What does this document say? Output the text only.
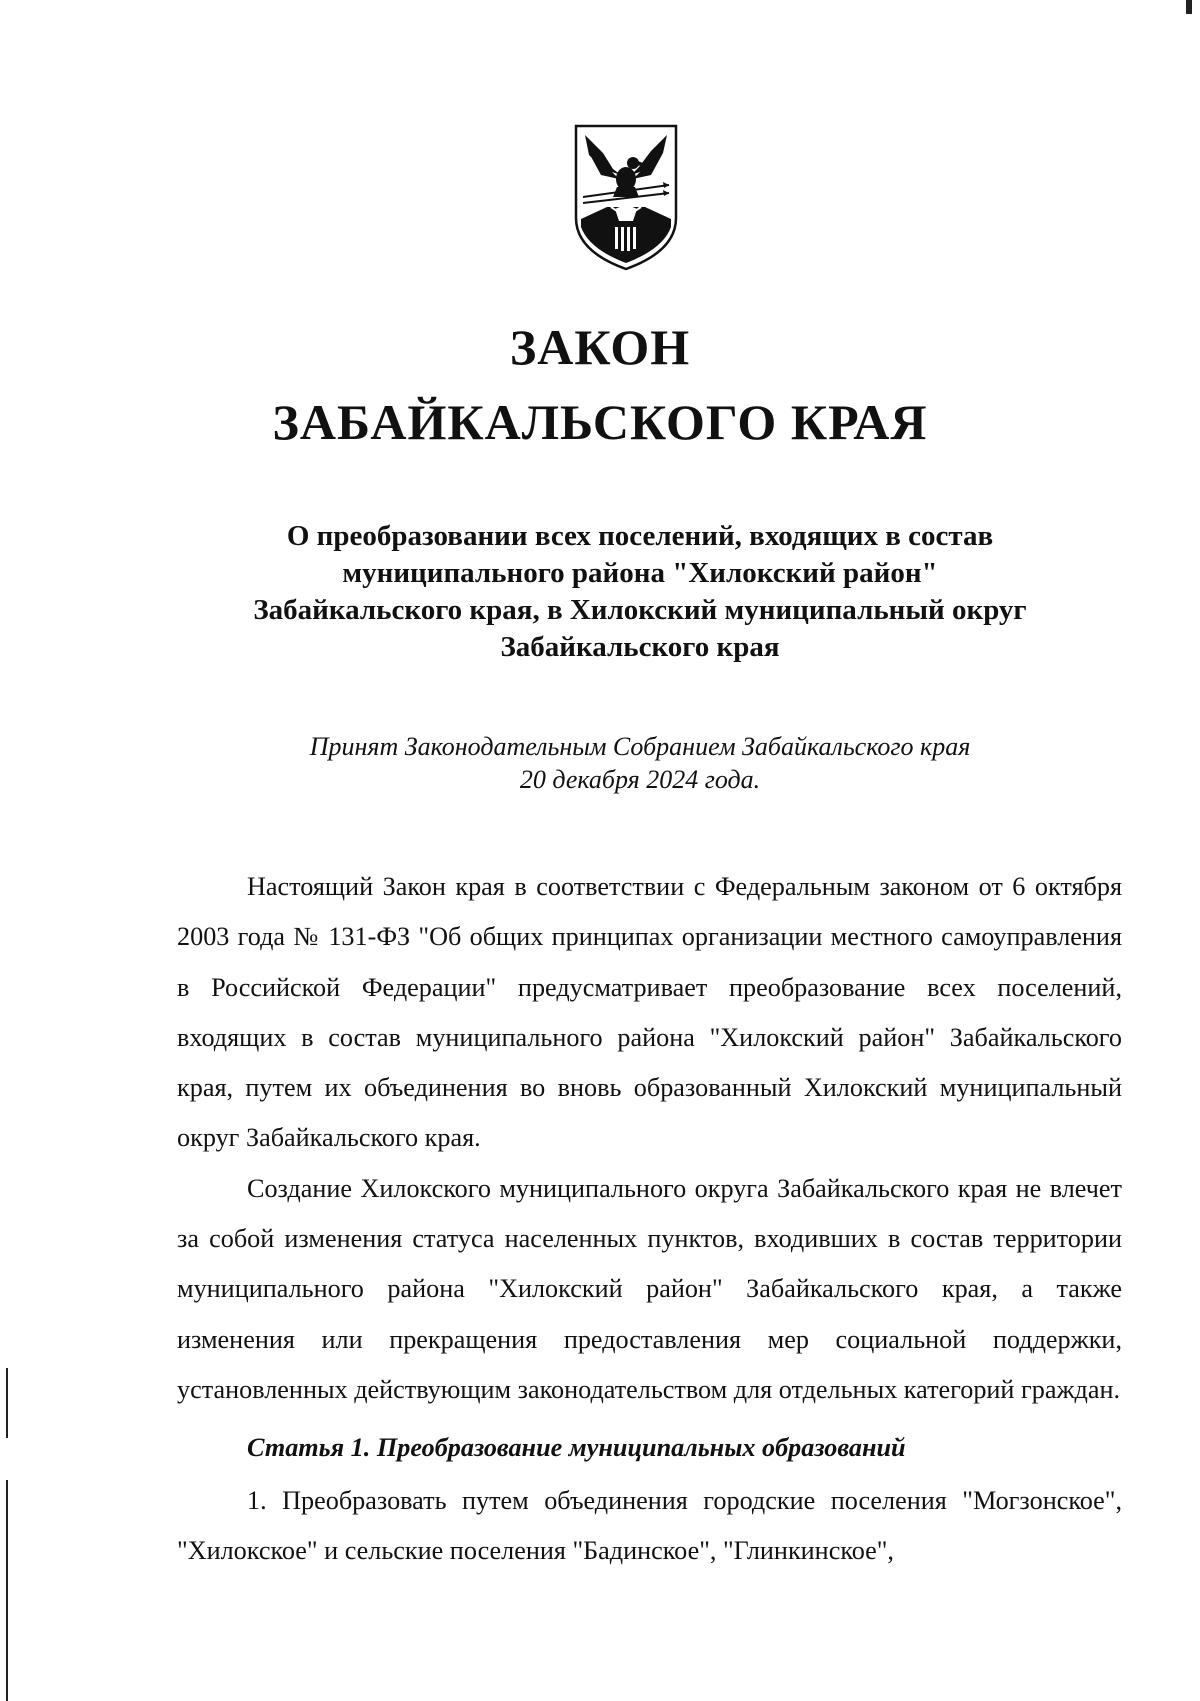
ЗАКОН
ЗАБАЙКАЛЬСКОГО КРАЯ
О преобразовании всех поселений, входящих в состав
муниципального района "Хилокский район"
Забайкальского края, в Хилокский муниципальный округ
Забайкальского края
Принят Законодательным Собранием Забайкальского края
20 декабря 2024 года.

Настоящий Закон края в соответствии с Федеральным законом от 6 октября 2003 года № 131-ФЗ "Об общих принципах организации местного самоуправления в Российской Федерации" предусматривает преобразование всех поселений, входящих в состав муниципального района "Хилокский район" Забайкальского края, путем их объединения во вновь образованный Хилокский муниципальный округ Забайкальского края.

Создание Хилокского муниципального округа Забайкальского края не влечет за собой изменения статуса населенных пунктов, входивших в состав территории муниципального района "Хилокский район" Забайкальского края, а также изменения или прекращения предоставления мер социальной поддержки, установленных действующим законодательством для отдельных категорий граждан.

Статья 1. Преобразование муниципальных образований

1. Преобразовать путем объединения городские поселения "Могзонское", "Хилокское" и сельские поселения "Бадинское", "Глинкинское",
